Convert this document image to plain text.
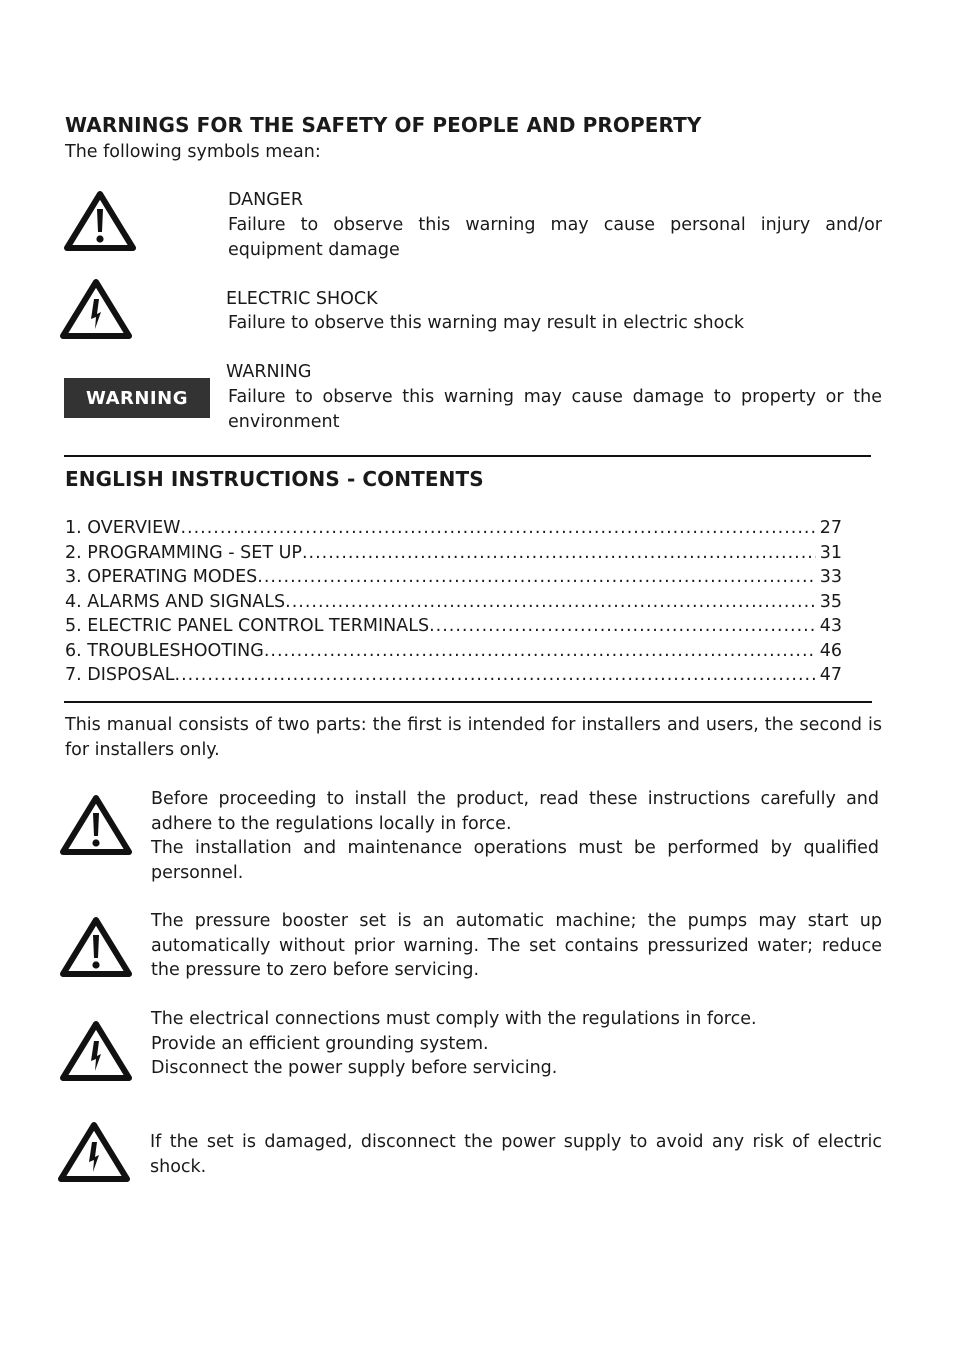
WARNINGS FOR THE SAFETY OF PEOPLE AND PROPERTY
The following symbols mean:
DANGER
Failure to observe this warning may cause personal injury and/or equipment damage
ELECTRIC SHOCK
Failure to observe this warning may result in electric shock
WARNING
WARNING
Failure to observe this warning may cause damage to property or the environment
ENGLISH INSTRUCTIONS - CONTENTS
1. OVERVIEW .....	27
2. PROGRAMMING - SET UP .....	31
3. OPERATING MODES .....	33
4. ALARMS AND SIGNALS .....	35
5. ELECTRIC PANEL CONTROL TERMINALS .....	43
6. TROUBLESHOOTING .....	46
7. DISPOSAL .....	47
This manual consists of two parts: the first is intended for installers and users, the second is for installers only.
Before proceeding to install the product, read these instructions carefully and adhere to the regulations locally in force.
The installation and maintenance operations must be performed by qualified personnel.
The pressure booster set is an automatic machine; the pumps may start up automatically without prior warning. The set contains pressurized water; reduce the pressure to zero before servicing.
The electrical connections must comply with the regulations in force.
Provide an efficient grounding system.
Disconnect the power supply before servicing.
If the set is damaged, disconnect the power supply to avoid any risk of electric shock.
